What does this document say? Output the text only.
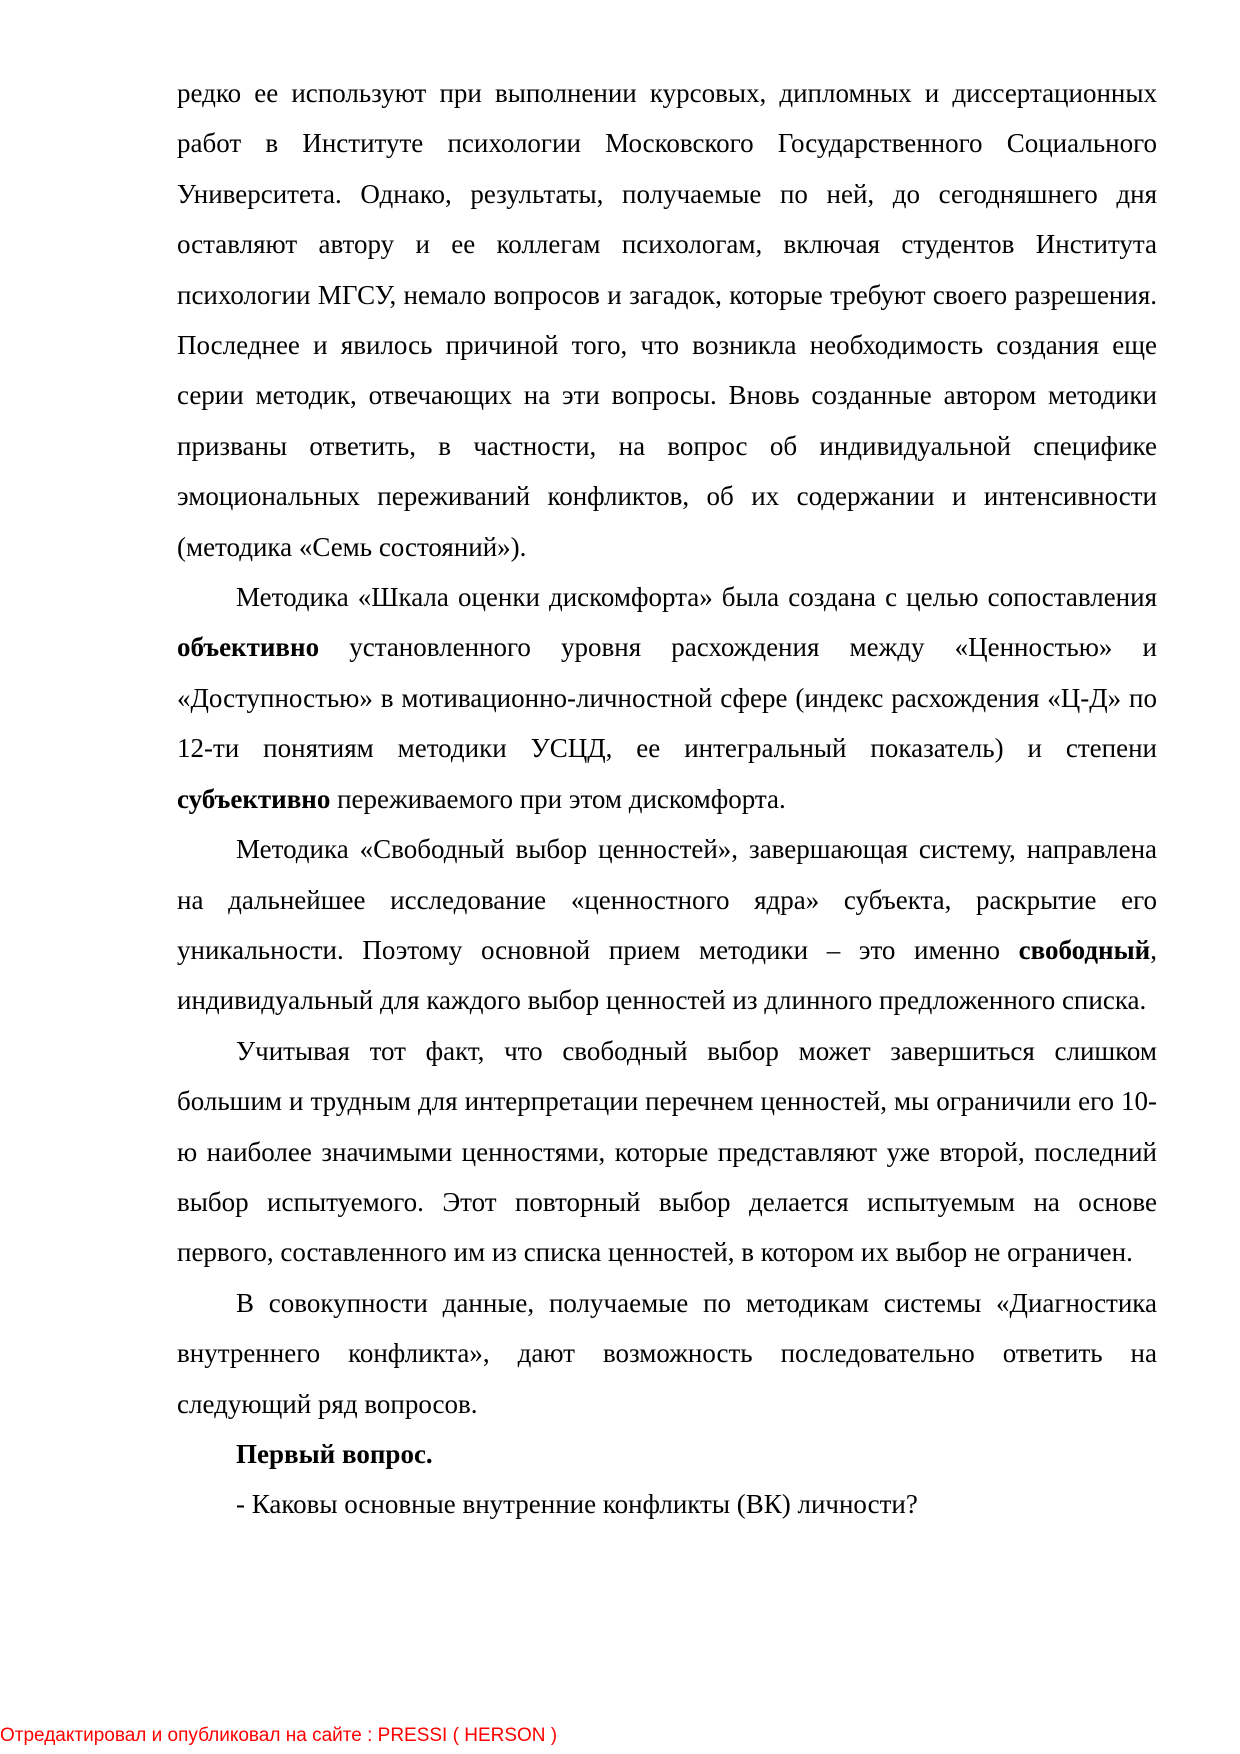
редко ее используют при выполнении курсовых, дипломных и диссертационных работ в Институте психологии Московского Государственного Социального Университета. Однако, результаты, получаемые по ней, до сегодняшнего дня оставляют автору и ее коллегам психологам, включая студентов Института психологии МГСУ, немало вопросов и загадок, которые требуют своего разрешения. Последнее и явилось причиной того, что возникла необходимость создания еще серии методик, отвечающих на эти вопросы. Вновь созданные автором методики призваны ответить, в частности, на вопрос об индивидуальной специфике эмоциональных переживаний конфликтов, об их содержании и интенсивности (методика «Семь состояний»).

Методика «Шкала оценки дискомфорта» была создана с целью сопоставления объективно установленного уровня расхождения между «Ценностью» и «Доступностью» в мотивационно-личностной сфере (индекс расхождения «Ц-Д» по 12-ти понятиям методики УСЦД, ее интегральный показатель) и степени субъективно переживаемого при этом дискомфорта.

Методика «Свободный выбор ценностей», завершающая систему, направлена на дальнейшее исследование «ценностного ядра» субъекта, раскрытие его уникальности. Поэтому основной прием методики – это именно свободный, индивидуальный для каждого выбор ценностей из длинного предложенного списка.

Учитывая тот факт, что свободный выбор может завершиться слишком большим и трудным для интерпретации перечнем ценностей, мы ограничили его 10-ю наиболее значимыми ценностями, которые представляют уже второй, последний выбор испытуемого. Этот повторный выбор делается испытуемым на основе первого, составленного им из списка ценностей, в котором их выбор не ограничен.

В совокупности данные, получаемые по методикам системы «Диагностика внутреннего конфликта», дают возможность последовательно ответить на следующий ряд вопросов.

Первый вопрос.

- Каковы основные внутренние конфликты (ВК) личности?

Отредактировал и опубликовал на сайте : PRESSI ( HERSON )
